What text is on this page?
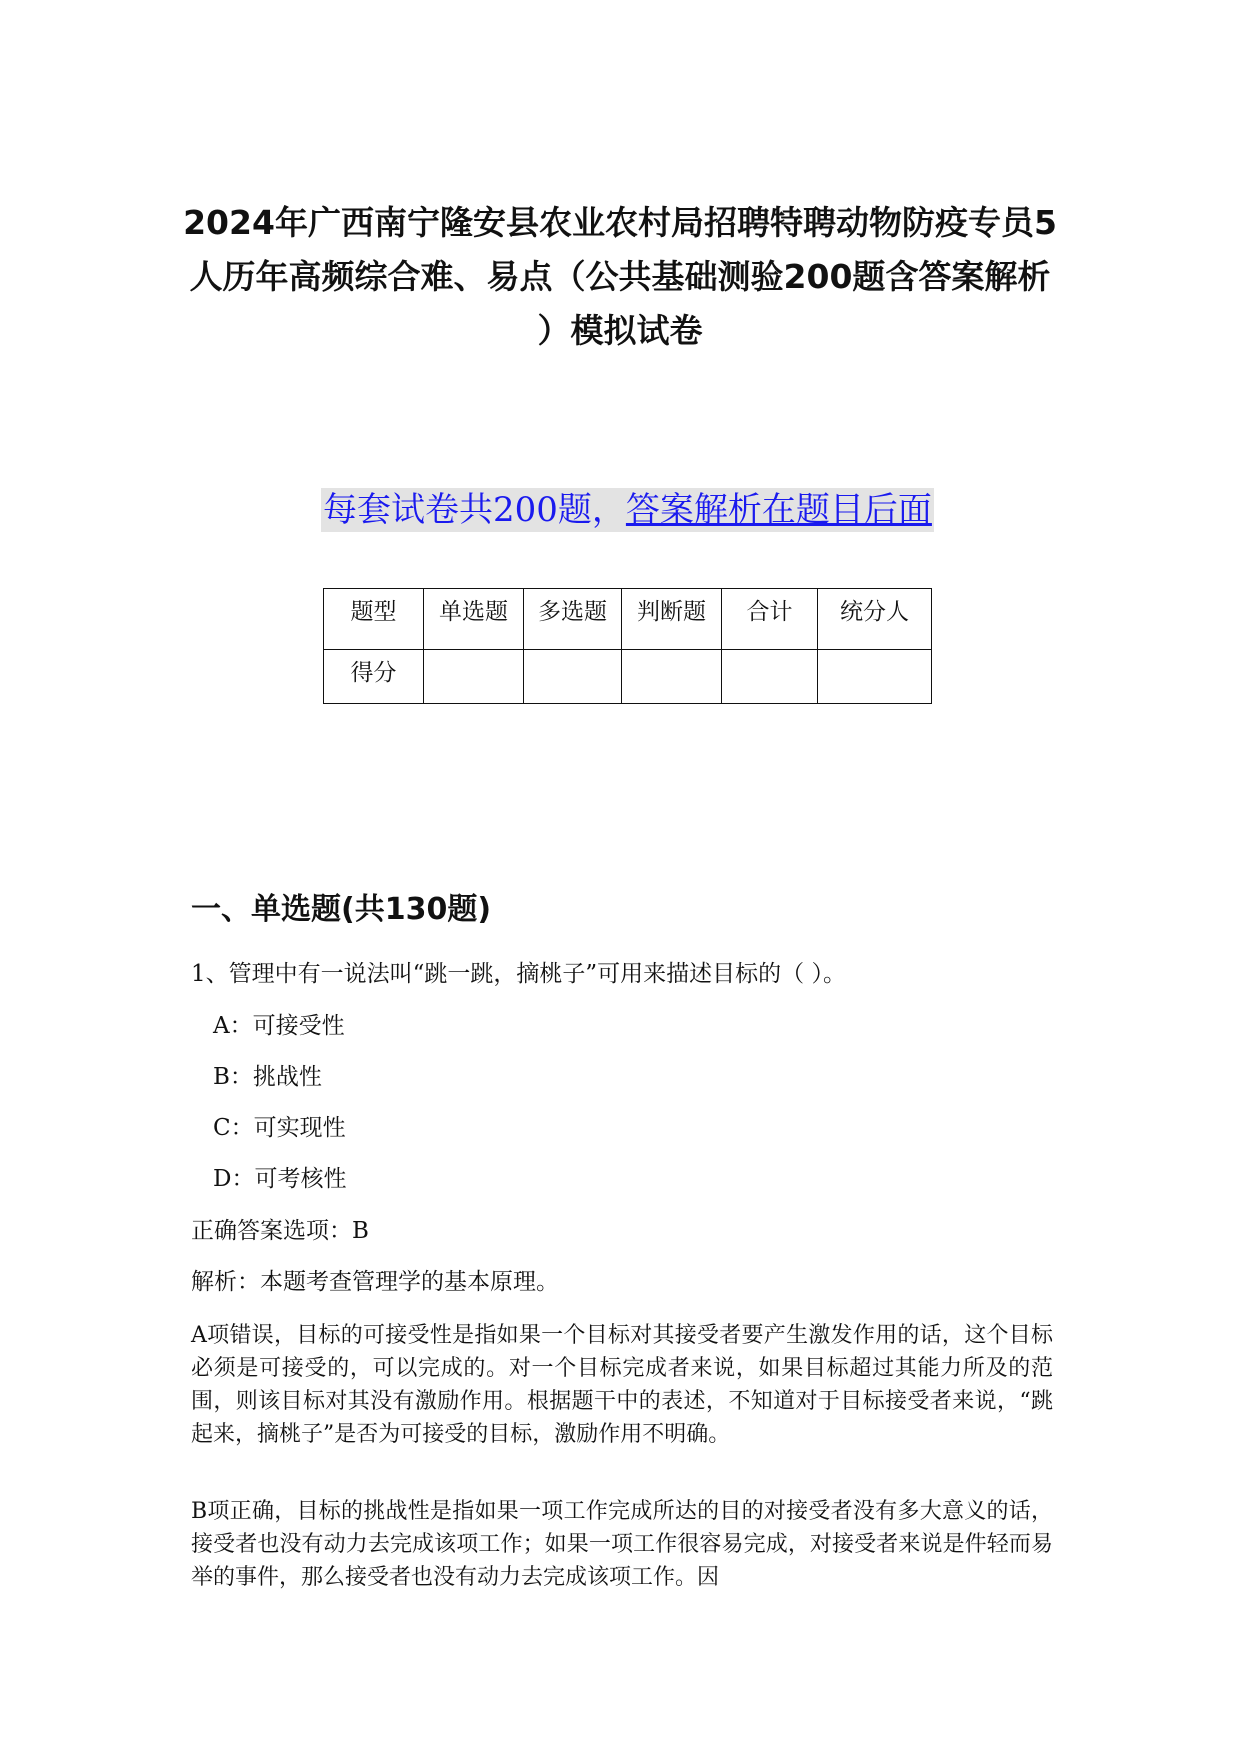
2024年广西南宁隆安县农业农村局招聘特聘动物防疫专员5
人历年高频综合难、易点（公共基础测验200题含答案解析
）模拟试卷
每套试卷共200题，答案解析在题目后面
题型	单选题	多选题	判断题	合计	统分人
得分					
一、单选题(共130题)
1、管理中有一说法叫“跳一跳，摘桃子”可用来描述目标的（ ）。
A：可接受性
B：挑战性
C：可实现性
D：可考核性
正确答案选项：B
解析：本题考查管理学的基本原理。
A项错误，目标的可接受性是指如果一个目标对其接受者要产生激发作用的话，这个目标必须是可接受的，可以完成的。对一个目标完成者来说，如果目标超过其能力所及的范围，则该目标对其没有激励作用。根据题干中的表述，不知道对于目标接受者来说，“跳起来，摘桃子”是否为可接受的目标，激励作用不明确。
B项正确，目标的挑战性是指如果一项工作完成所达的目的对接受者没有多大意义的话，接受者也没有动力去完成该项工作；如果一项工作很容易完成，对接受者来说是件轻而易举的事件，那么接受者也没有动力去完成该项工作。因
